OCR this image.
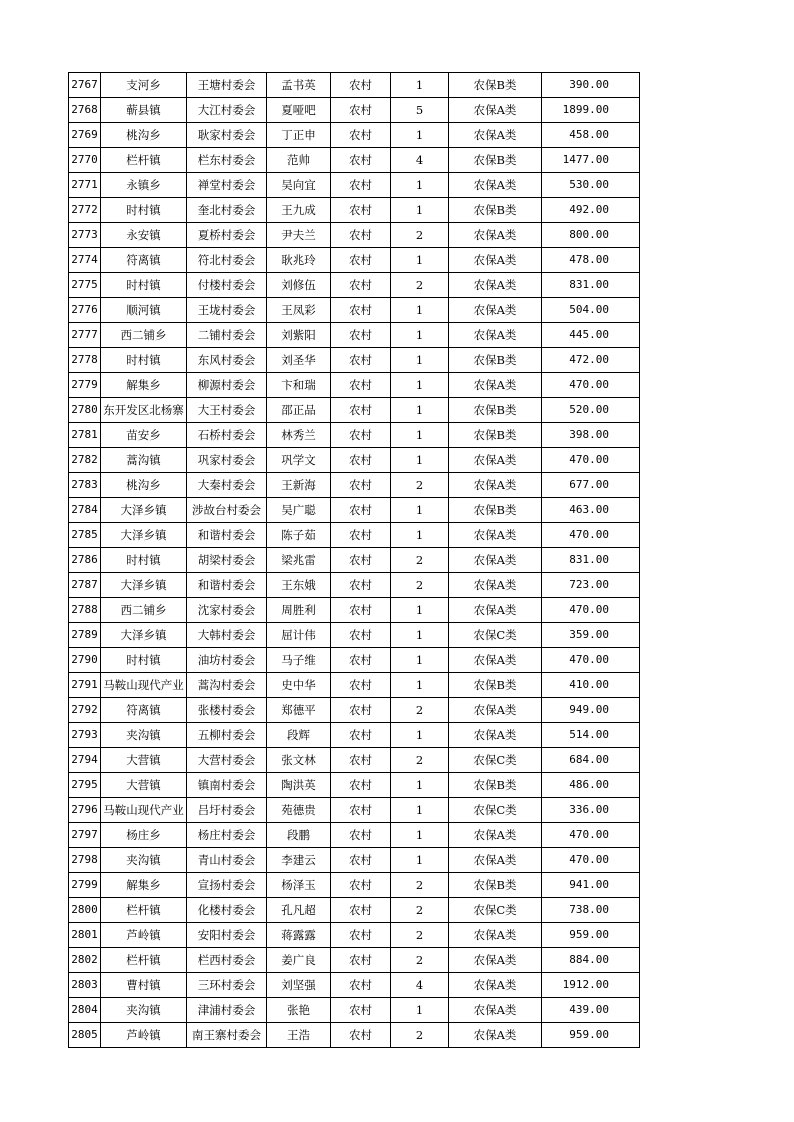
2767	支河乡	王塘村委会	孟书英	农村	1	农保B类	390.00
2768	蕲县镇	大江村委会	夏哑吧	农村	5	农保A类	1899.00
2769	桃沟乡	耿家村委会	丁正申	农村	1	农保A类	458.00
2770	栏杆镇	栏东村委会	范帅	农村	4	农保B类	1477.00
2771	永镇乡	禅堂村委会	吴向宜	农村	1	农保A类	530.00
2772	时村镇	奎北村委会	王九成	农村	1	农保B类	492.00
2773	永安镇	夏桥村委会	尹夫兰	农村	2	农保A类	800.00
2774	符离镇	符北村委会	耿兆玲	农村	1	农保A类	478.00
2775	时村镇	付楼村委会	刘修伍	农村	2	农保A类	831.00
2776	顺河镇	王垅村委会	王凤彩	农村	1	农保A类	504.00
2777	西二铺乡	二铺村委会	刘紫阳	农村	1	农保A类	445.00
2778	时村镇	东风村委会	刘圣华	农村	1	农保B类	472.00
2779	解集乡	柳源村委会	卞和瑞	农村	1	农保A类	470.00
2780	东开发区北杨寨	大王村委会	邵正品	农村	1	农保B类	520.00
2781	苗安乡	石桥村委会	林秀兰	农村	1	农保B类	398.00
2782	蒿沟镇	巩家村委会	巩学文	农村	1	农保A类	470.00
2783	桃沟乡	大秦村委会	王新海	农村	2	农保A类	677.00
2784	大泽乡镇	涉故台村委会	吴广聪	农村	1	农保B类	463.00
2785	大泽乡镇	和谐村委会	陈子茹	农村	1	农保A类	470.00
2786	时村镇	胡梁村委会	梁兆雷	农村	2	农保A类	831.00
2787	大泽乡镇	和谐村委会	王东娥	农村	2	农保A类	723.00
2788	西二铺乡	沈家村委会	周胜利	农村	1	农保A类	470.00
2789	大泽乡镇	大韩村委会	屈计伟	农村	1	农保C类	359.00
2790	时村镇	油坊村委会	马子维	农村	1	农保A类	470.00
2791	马鞍山现代产业	蒿沟村委会	史中华	农村	1	农保B类	410.00
2792	符离镇	张楼村委会	郑德平	农村	2	农保A类	949.00
2793	夹沟镇	五柳村委会	段辉	农村	1	农保A类	514.00
2794	大营镇	大营村委会	张文林	农村	2	农保C类	684.00
2795	大营镇	镇南村委会	陶洪英	农村	1	农保B类	486.00
2796	马鞍山现代产业	吕圩村委会	苑德贵	农村	1	农保C类	336.00
2797	杨庄乡	杨庄村委会	段鹏	农村	1	农保A类	470.00
2798	夹沟镇	青山村委会	李建云	农村	1	农保A类	470.00
2799	解集乡	宣扬村委会	杨泽玉	农村	2	农保B类	941.00
2800	栏杆镇	化楼村委会	孔凡超	农村	2	农保C类	738.00
2801	芦岭镇	安阳村委会	蒋露露	农村	2	农保A类	959.00
2802	栏杆镇	栏西村委会	姜广良	农村	2	农保A类	884.00
2803	曹村镇	三环村委会	刘坚强	农村	4	农保A类	1912.00
2804	夹沟镇	津浦村委会	张艳	农村	1	农保A类	439.00
2805	芦岭镇	南王寨村委会	王浩	农村	2	农保A类	959.00
